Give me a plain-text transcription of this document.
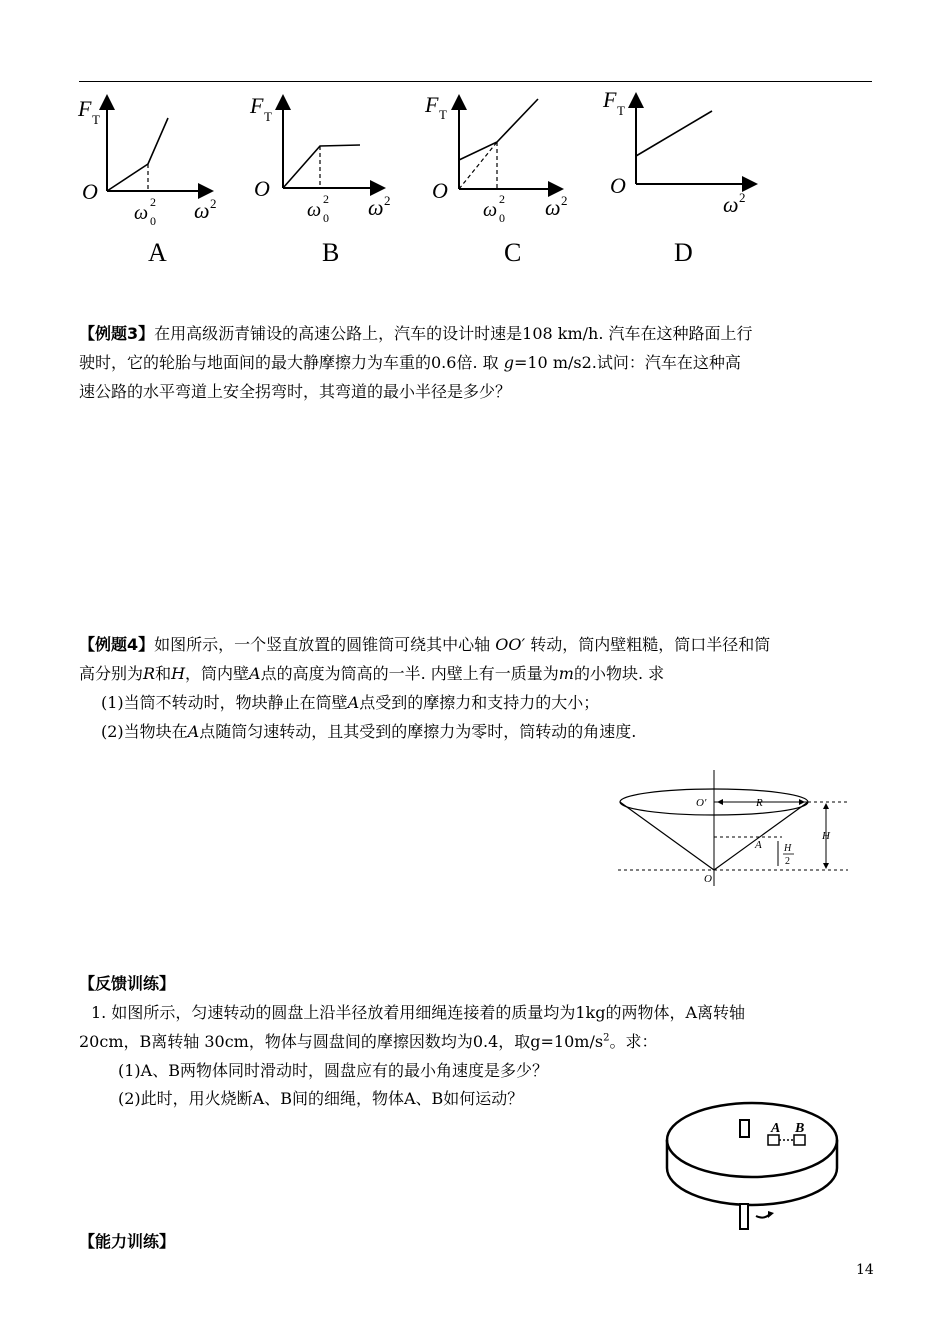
F T
O
ω 2
0 ω 2
A
F T
O
ω 2
0 ω 2
B
F T
O
ω 2
0 ω 2
C
F T
O
ω 2
D
【例题3】在用高级沥青铺设的高速公路上，汽车的设计时速是108 km/h. 汽车在这种路面上行
驶时，它的轮胎与地面间的最大静摩擦力为车重的0.6倍. 取 g=10 m/s2.试问：汽车在这种高
速公路的水平弯道上安全拐弯时，其弯道的最小半径是多少？
【例题4】如图所示，一个竖直放置的圆锥筒可绕其中心轴 OO′ 转动，筒内壁粗糙，筒口半径和筒
高分别为R和H，筒内壁A点的高度为筒高的一半. 内壁上有一质量为m的小物块. 求
(1)当筒不转动时，物块静止在筒壁A点受到的摩擦力和支持力的大小；
(2)当物块在A点随筒匀速转动，且其受到的摩擦力为零时，筒转动的角速度.
O′	R
H
A H
2
O
【反馈训练】
1. 如图所示，匀速转动的圆盘上沿半径放着用细绳连接着的质量均为1kg的两物体，A离转轴
20cm，B离转轴 30cm，物体与圆盘间的摩擦因数均为0.4，取$g=10m/s^2$。求：
(1)A、B两物体同时滑动时，圆盘应有的最小角速度是多少？
(2)此时，用火烧断A、B间的细绳，物体A、B如何运动？
A B
【能力训练】
14
